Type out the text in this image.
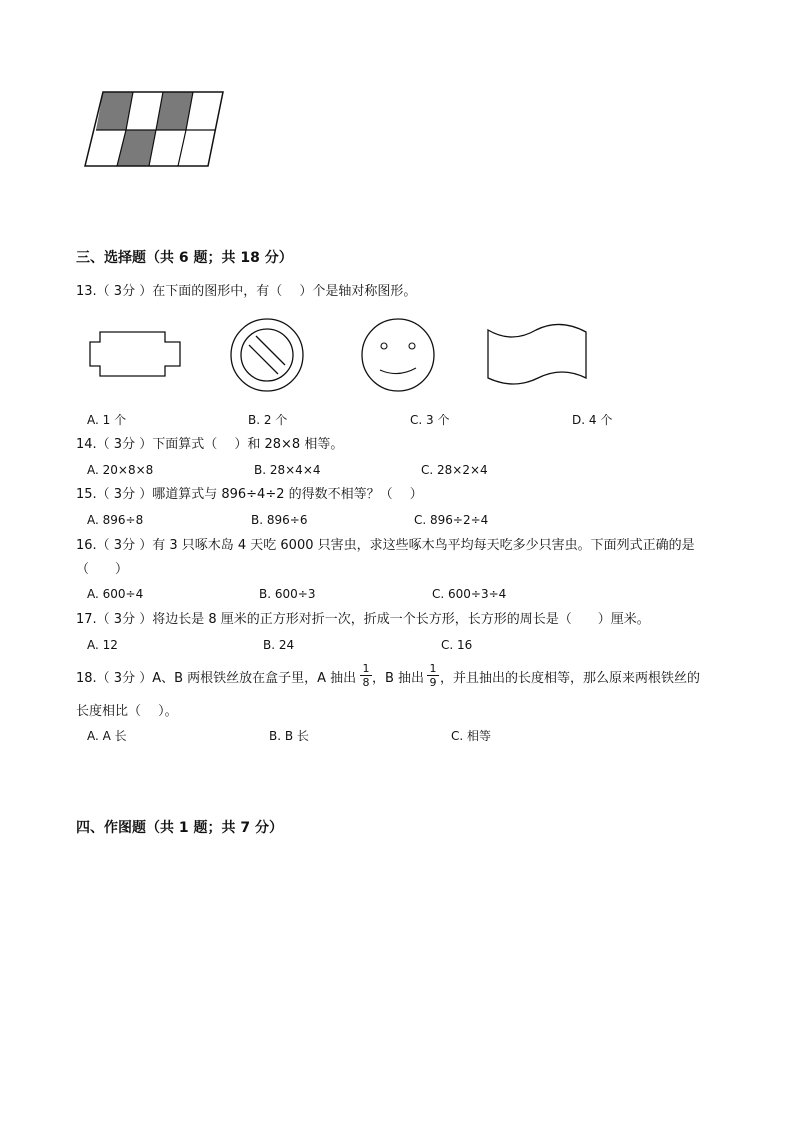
三、选择题（共 6 题；共 18 分）
13.（ 3分 ）在下面的图形中，有（　 ）个是轴对称图形。
A. 1 个	B. 2 个	C. 3 个	D. 4 个
14.（ 3分 ）下面算式（　 ）和 28×8 相等。
A. 20×8×8	B. 28×4×4	C. 28×2×4
15.（ 3分 ）哪道算式与 896÷4÷2 的得数不相等？（　 ）
A. 896÷8	B. 896÷6	C. 896÷2÷4
16.（ 3分 ）有 3 只啄木岛 4 天吃 6000 只害虫，求这些啄木鸟平均每天吃多少只害虫。下面列式正确的是
（　　）
A. 600÷4	B. 600÷3	C. 600÷3÷4
17.（ 3分 ）将边长是 8 厘米的正方形对折一次，折成一个长方形，长方形的周长是（　　）厘米。
A. 12	B. 24	C. 16
18.（ 3分 ）A、B 两根铁丝放在盒子里，A 抽出
1
8 ，B 抽出
1
9 ，并且抽出的长度相等，那么原来两根铁丝的
长度相比（　 ）。
A. A 长	B. B 长	C. 相等
四、作图题（共 1 题；共 7 分）
